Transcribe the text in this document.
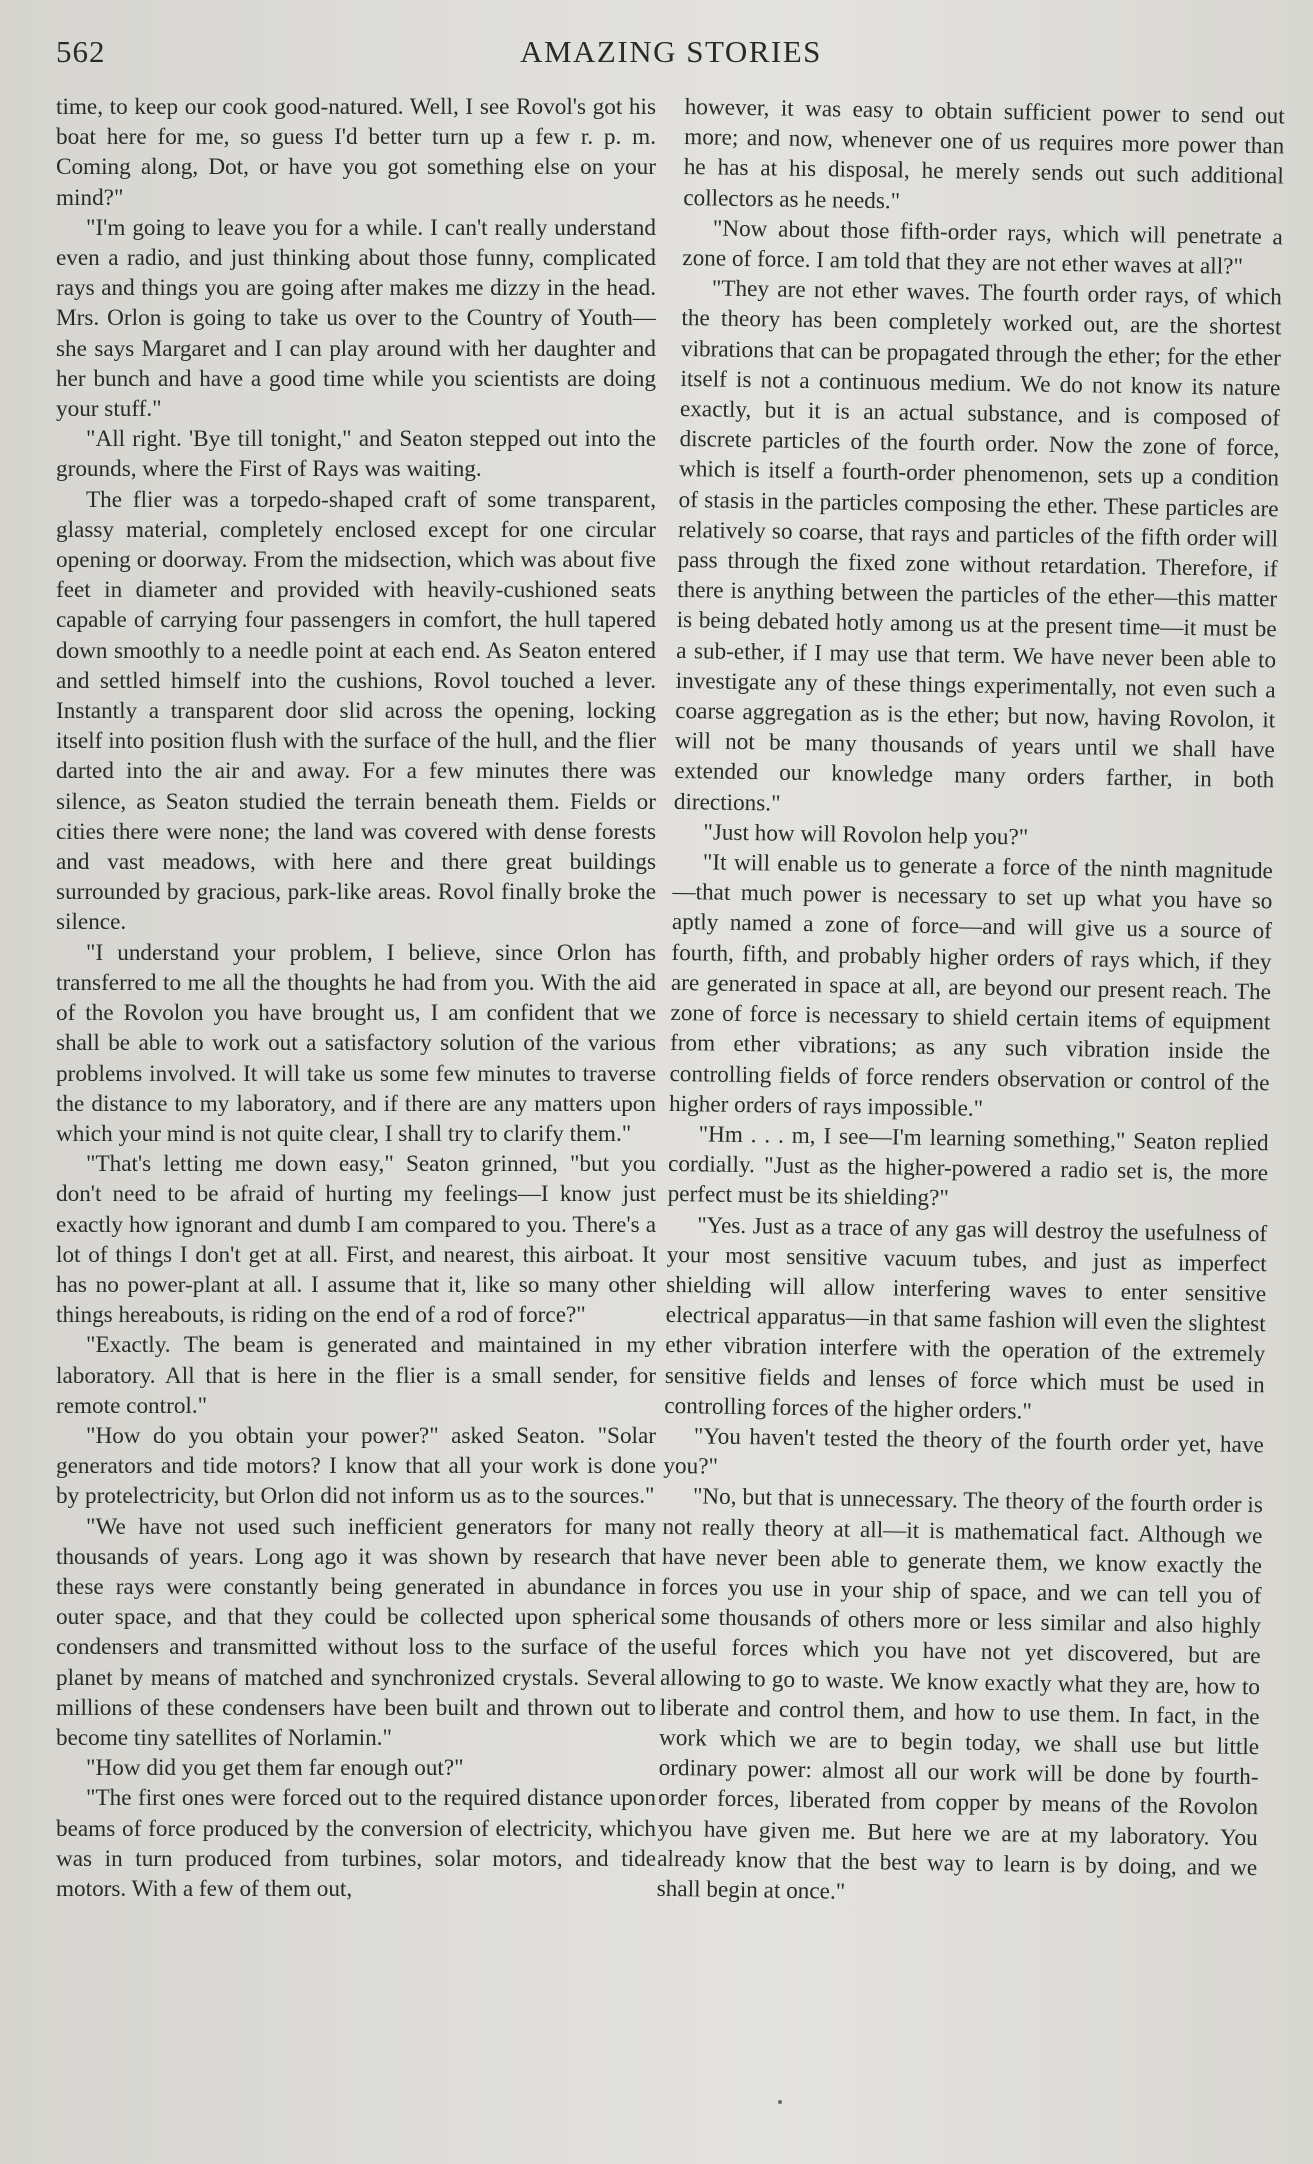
562	AMAZING STORIES

time, to keep our cook good-natured. Well, I see Rovol's got his boat here for me, so guess I'd better turn up a few r. p. m. Coming along, Dot, or have you got something else on your mind?"

"I'm going to leave you for a while. I can't really understand even a radio, and just thinking about those funny, complicated rays and things you are going after makes me dizzy in the head. Mrs. Orlon is going to take us over to the Country of Youth—she says Margaret and I can play around with her daughter and her bunch and have a good time while you scientists are doing your stuff."

"All right. 'Bye till tonight," and Seaton stepped out into the grounds, where the First of Rays was waiting.

The flier was a torpedo-shaped craft of some transparent, glassy material, completely enclosed except for one circular opening or doorway. From the midsection, which was about five feet in diameter and provided with heavily-cushioned seats capable of carrying four passengers in comfort, the hull tapered down smoothly to a needle point at each end. As Seaton entered and settled himself into the cushions, Rovol touched a lever. Instantly a transparent door slid across the opening, locking itself into position flush with the surface of the hull, and the flier darted into the air and away. For a few minutes there was silence, as Seaton studied the terrain beneath them. Fields or cities there were none; the land was covered with dense forests and vast meadows, with here and there great buildings surrounded by gracious, park-like areas. Rovol finally broke the silence.

"I understand your problem, I believe, since Orlon has transferred to me all the thoughts he had from you. With the aid of the Rovolon you have brought us, I am confident that we shall be able to work out a satisfactory solution of the various problems involved. It will take us some few minutes to traverse the distance to my laboratory, and if there are any matters upon which your mind is not quite clear, I shall try to clarify them."

"That's letting me down easy," Seaton grinned, "but you don't need to be afraid of hurting my feelings—I know just exactly how ignorant and dumb I am compared to you. There's a lot of things I don't get at all. First, and nearest, this airboat. It has no power-plant at all. I assume that it, like so many other things hereabouts, is riding on the end of a rod of force?"

"Exactly. The beam is generated and maintained in my laboratory. All that is here in the flier is a small sender, for remote control."

"How do you obtain your power?" asked Seaton. "Solar generators and tide motors? I know that all your work is done by protelectricity, but Orlon did not inform us as to the sources."

"We have not used such inefficient generators for many thousands of years. Long ago it was shown by research that these rays were constantly being generated in abundance in outer space, and that they could be collected upon spherical condensers and transmitted without loss to the surface of the planet by means of matched and synchronized crystals. Several millions of these condensers have been built and thrown out to become tiny satellites of Norlamin."

"How did you get them far enough out?"

"The first ones were forced out to the required distance upon beams of force produced by the conversion of electricity, which was in turn produced from turbines, solar motors, and tide motors. With a few of them out,

however, it was easy to obtain sufficient power to send out more; and now, whenever one of us requires more power than he has at his disposal, he merely sends out such additional collectors as he needs."

"Now about those fifth-order rays, which will penetrate a zone of force. I am told that they are not ether waves at all?"

"They are not ether waves. The fourth order rays, of which the theory has been completely worked out, are the shortest vibrations that can be propagated through the ether; for the ether itself is not a continuous medium. We do not know its nature exactly, but it is an actual substance, and is composed of discrete particles of the fourth order. Now the zone of force, which is itself a fourth-order phenomenon, sets up a condition of stasis in the particles composing the ether. These particles are relatively so coarse, that rays and particles of the fifth order will pass through the fixed zone without retardation. Therefore, if there is anything between the particles of the ether—this matter is being debated hotly among us at the present time—it must be a sub-ether, if I may use that term. We have never been able to investigate any of these things experimentally, not even such a coarse aggregation as is the ether; but now, having Rovolon, it will not be many thousands of years until we shall have extended our knowledge many orders farther, in both directions."

"Just how will Rovolon help you?"

"It will enable us to generate a force of the ninth magnitude—that much power is necessary to set up what you have so aptly named a zone of force—and will give us a source of fourth, fifth, and probably higher orders of rays which, if they are generated in space at all, are beyond our present reach. The zone of force is necessary to shield certain items of equipment from ether vibrations; as any such vibration inside the controlling fields of force renders observation or control of the higher orders of rays impossible."

"Hm . . . m, I see—I'm learning something," Seaton replied cordially. "Just as the higher-powered a radio set is, the more perfect must be its shielding?"

"Yes. Just as a trace of any gas will destroy the usefulness of your most sensitive vacuum tubes, and just as imperfect shielding will allow interfering waves to enter sensitive electrical apparatus—in that same fashion will even the slightest ether vibration interfere with the operation of the extremely sensitive fields and lenses of force which must be used in controlling forces of the higher orders."

"You haven't tested the theory of the fourth order yet, have you?"

"No, but that is unnecessary. The theory of the fourth order is not really theory at all—it is mathematical fact. Although we have never been able to generate them, we know exactly the forces you use in your ship of space, and we can tell you of some thousands of others more or less similar and also highly useful forces which you have not yet discovered, but are allowing to go to waste. We know exactly what they are, how to liberate and control them, and how to use them. In fact, in the work which we are to begin today, we shall use but little ordinary power: almost all our work will be done by fourth-order forces, liberated from copper by means of the Rovolon you have given me. But here we are at my laboratory. You already know that the best way to learn is by doing, and we shall begin at once."
